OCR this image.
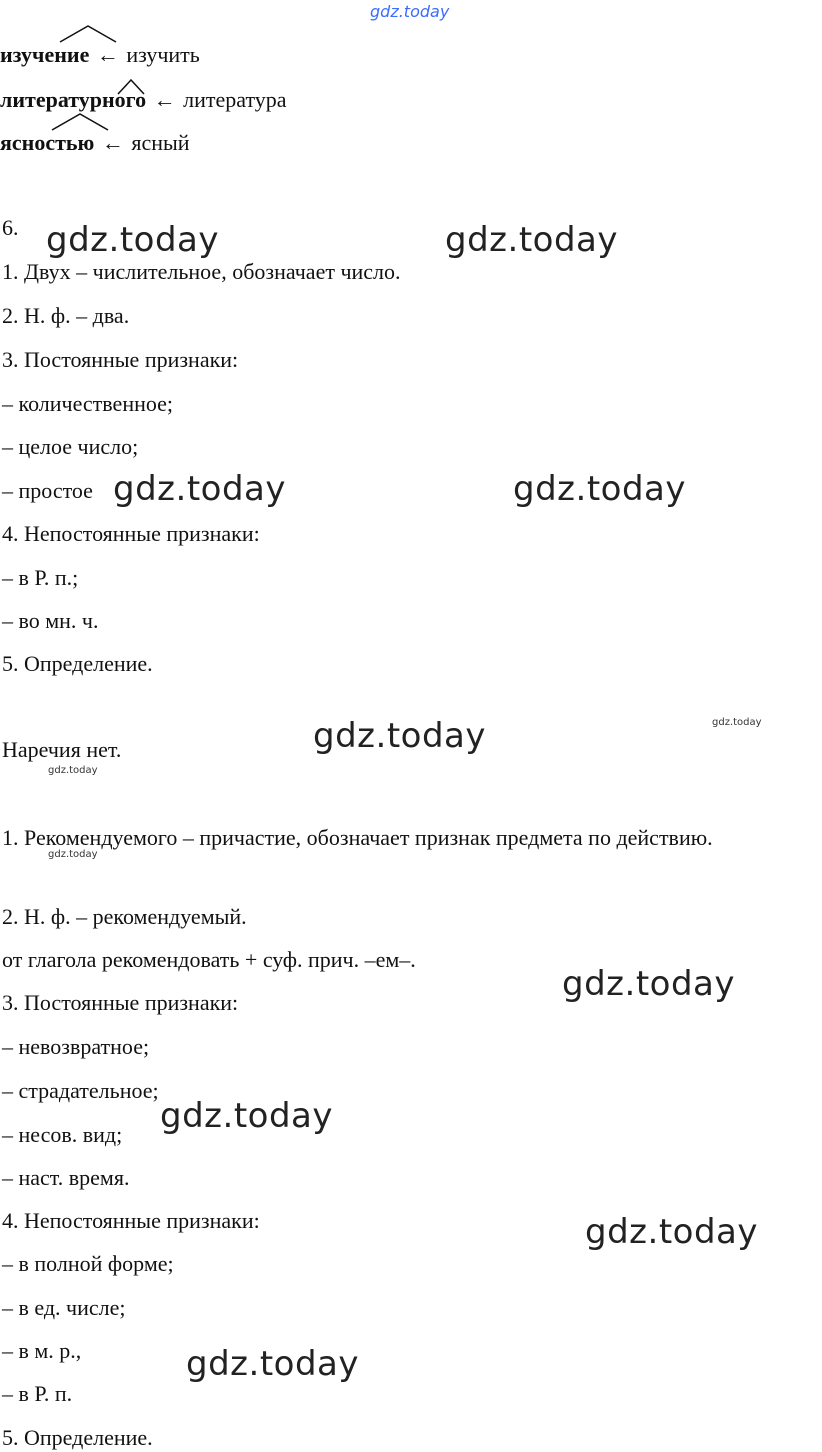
gdz.today
изучение ← изучить
литературного ← литература
ясностью ← ясный
6.
1. Двух – числительное, обозначает число.
2. Н. ф. – два.
3. Постоянные признаки:
– количественное;
– целое число;
– простое
4. Непостоянные признаки:
– в Р. п.;
– во мн. ч.
5. Определение.
Наречия нет.
1. Рекомендуемого – причастие, обозначает признак предмета по действию.
2. Н. ф. – рекомендуемый.
от глагола рекомендовать + суф. прич. –ем–.
3. Постоянные признаки:
– невозвратное;
– страдательное;
– несов. вид;
– наст. время.
4. Непостоянные признаки:
– в полной форме;
– в ед. числе;
– в м. р.,
– в Р. п.
5. Определение.
gdz.today	gdz.today
gdz.today	gdz.today
gdz.today	gdz.today
gdz.today
gdz.today
gdz.today
gdz.today
gdz.today
gdz.today
